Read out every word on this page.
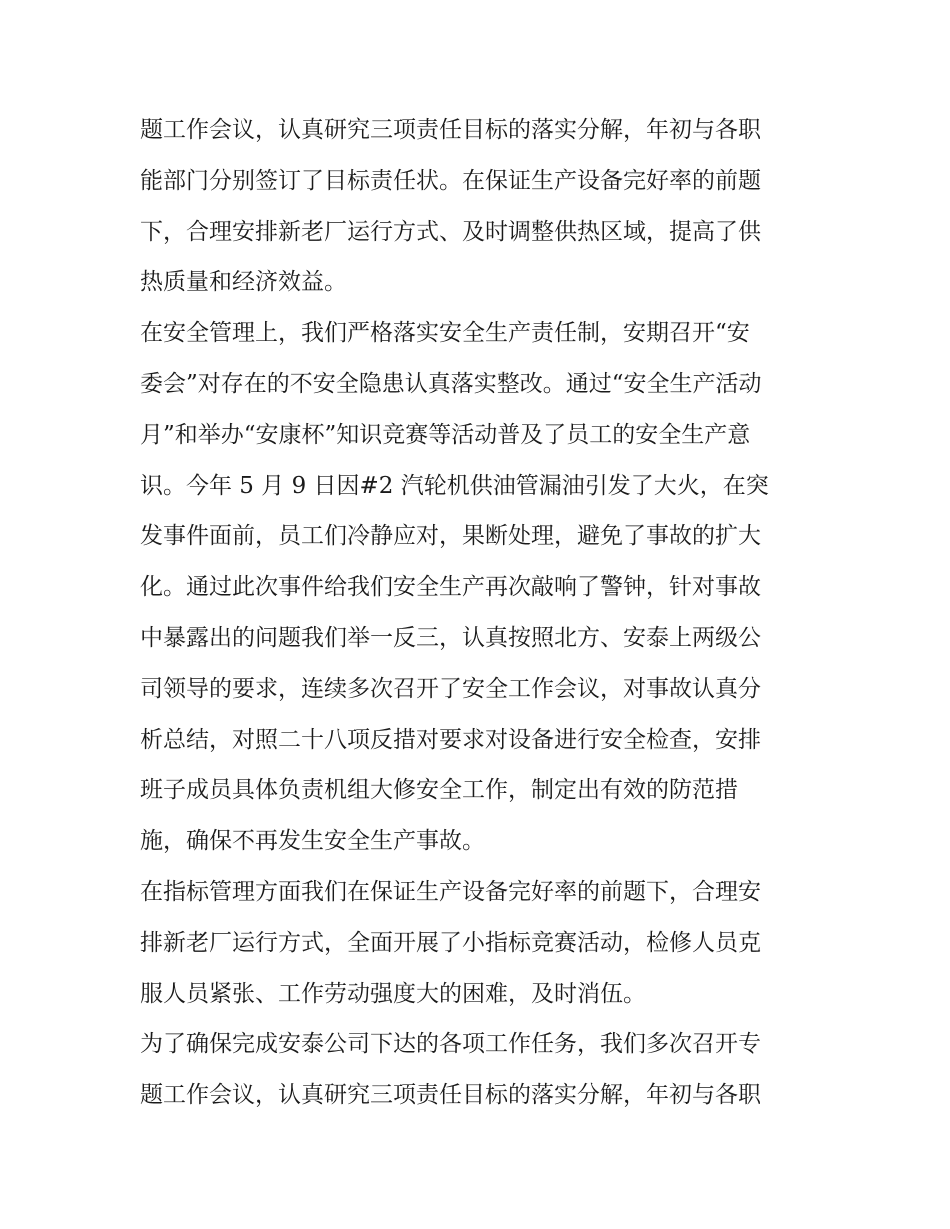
题工作会议，认真研究三项责任目标的落实分解，年初与各职
能部门分别签订了目标责任状。在保证生产设备完好率的前题
下，合理安排新老厂运行方式、及时调整供热区域，提高了供
热质量和经济效益。
在安全管理上，我们严格落实安全生产责任制，安期召开“安
委会”对存在的不安全隐患认真落实整改。通过“安全生产活动
月”和举办“安康杯”知识竞赛等活动普及了员工的安全生产意
识。今年 5 月 9 日因#2 汽轮机供油管漏油引发了大火，在突
发事件面前，员工们冷静应对，果断处理，避免了事故的扩大
化。通过此次事件给我们安全生产再次敲响了警钟，针对事故
中暴露出的问题我们举一反三，认真按照北方、安泰上两级公
司领导的要求，连续多次召开了安全工作会议，对事故认真分
析总结，对照二十八项反措对要求对设备进行安全检查，安排
班子成员具体负责机组大修安全工作，制定出有效的防范措
施，确保不再发生安全生产事故。
在指标管理方面我们在保证生产设备完好率的前题下，合理安
排新老厂运行方式，全面开展了小指标竞赛活动，检修人员克
服人员紧张、工作劳动强度大的困难，及时消伍。
为了确保完成安泰公司下达的各项工作任务，我们多次召开专
题工作会议，认真研究三项责任目标的落实分解，年初与各职
